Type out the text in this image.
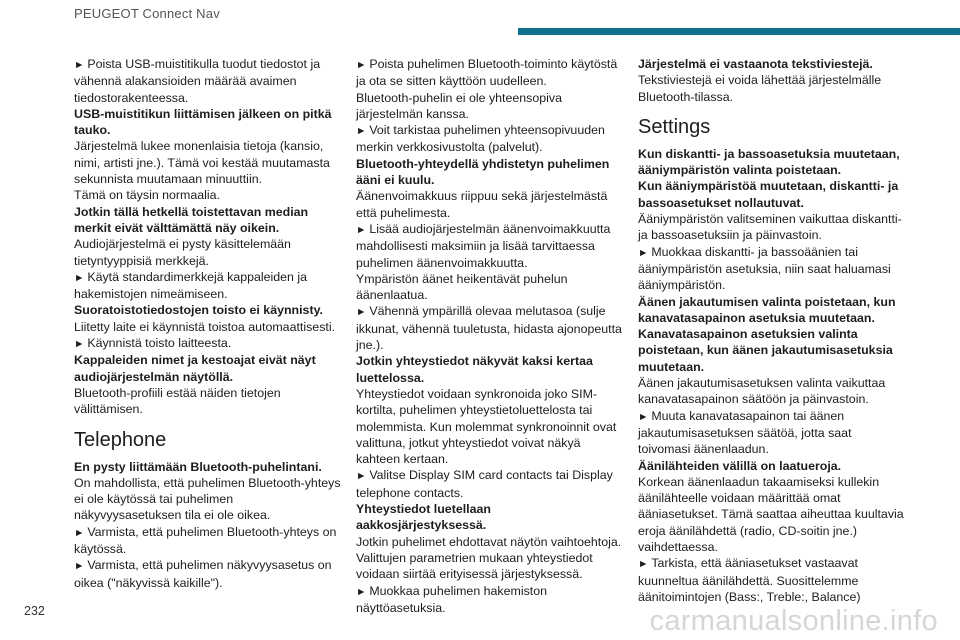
PEUGEOT Connect Nav

► Poista USB-muistitikulla tuodut tiedostot ja vähennä alakansioiden määrää avaimen tiedostorakenteessa.

USB-muistitikun liittämisen jälkeen on pitkä tauko.

Järjestelmä lukee monenlaisia tietoja (kansio, nimi, artisti jne.). Tämä voi kestää muutamasta sekunnista muutamaan minuuttiin.

Tämä on täysin normaalia.

Jotkin tällä hetkellä toistettavan median merkit eivät välttämättä näy oikein.

Audiojärjestelmä ei pysty käsittelemään tietyntyyppisiä merkkejä.

► Käytä standardimerkkejä kappaleiden ja hakemistojen nimeämiseen.

Suoratoistotiedostojen toisto ei käynnisty.

Liitetty laite ei käynnistä toistoa automaattisesti.

► Käynnistä toisto laitteesta.

Kappaleiden nimet ja kestoajat eivät näyt audiojärjestelmän näytöllä.

Bluetooth-profiili estää näiden tietojen välittämisen.

Telephone

En pysty liittämään Bluetooth-puhelintani.

On mahdollista, että puhelimen Bluetooth-yhteys ei ole käytössä tai puhelimen näkyvyysasetuksen tila ei ole oikea.

► Varmista, että puhelimen Bluetooth-yhteys on käytössä.

► Varmista, että puhelimen näkyvyysasetus on oikea ("näkyvissä kaikille").

► Poista puhelimen Bluetooth-toiminto käytöstä ja ota se sitten käyttöön uudelleen.

Bluetooth-puhelin ei ole yhteensopiva järjestelmän kanssa.

► Voit tarkistaa puhelimen yhteensopivuuden merkin verkkosivustolta (palvelut).

Bluetooth-yhteydellä yhdistetyn puhelimen ääni ei kuulu.

Äänenvoimakkuus riippuu sekä järjestelmästä että puhelimesta.

► Lisää audiojärjestelmän äänenvoimakkuutta mahdollisesti maksimiin ja lisää tarvittaessa puhelimen äänenvoimakkuutta.

Ympäristön äänet heikentävät puhelun äänenlaatua.

► Vähennä ympärillä olevaa melutasoa (sulje ikkunat, vähennä tuuletusta, hidasta ajonopeutta jne.).

Jotkin yhteystiedot näkyvät kaksi kertaa luettelossa.

Yhteystiedot voidaan synkronoida joko SIM-kortilta, puhelimen yhteystietoluettelosta tai molemmista. Kun molemmat synkronoinnit ovat valittuna, jotkut yhteystiedot voivat näkyä kahteen kertaan.

► Valitse Display SIM card contacts tai Display telephone contacts.

Yhteystiedot luetellaan aakkosjärjestyksessä.

Jotkin puhelimet ehdottavat näytön vaihtoehtoja. Valittujen parametrien mukaan yhteystiedot voidaan siirtää erityisessä järjestyksessä.

► Muokkaa puhelimen hakemiston näyttöasetuksia.

Järjestelmä ei vastaanota tekstiviestejä.

Tekstiviestejä ei voida lähettää järjestelmälle Bluetooth-tilassa.

Settings

Kun diskantti- ja bassoasetuksia muutetaan, ääniympäristön valinta poistetaan.

Kun ääniympäristöä muutetaan, diskantti- ja bassoasetukset nollautuvat.

Ääniympäristön valitseminen vaikuttaa diskantti- ja bassoasetuksiin ja päinvastoin.

► Muokkaa diskantti- ja bassoäänien tai ääniympäristön asetuksia, niin saat haluamasi ääniympäristön.

Äänen jakautumisen valinta poistetaan, kun kanavatasapainon asetuksia muutetaan.

Kanavatasapainon asetuksien valinta poistetaan, kun äänen jakautumisasetuksia muutetaan.

Äänen jakautumisasetuksen valinta vaikuttaa kanavatasapainon säätöön ja päinvastoin.

► Muuta kanavatasapainon tai äänen jakautumisasetuksen säätöä, jotta saat toivomasi äänenlaadun.

Äänilähteiden välillä on laatueroja.

Korkean äänenlaadun takaamiseksi kullekin äänilähteelle voidaan määrittää omat ääniasetukset. Tämä saattaa aiheuttaa kuultavia eroja äänilähdettä (radio, CD-soitin jne.) vaihdettaessa.

► Tarkista, että ääniasetukset vastaavat kuunneltua äänilähdettä. Suosittelemme äänitoimintojen (Bass:, Treble:, Balance)

232	carmanualsonline.info
